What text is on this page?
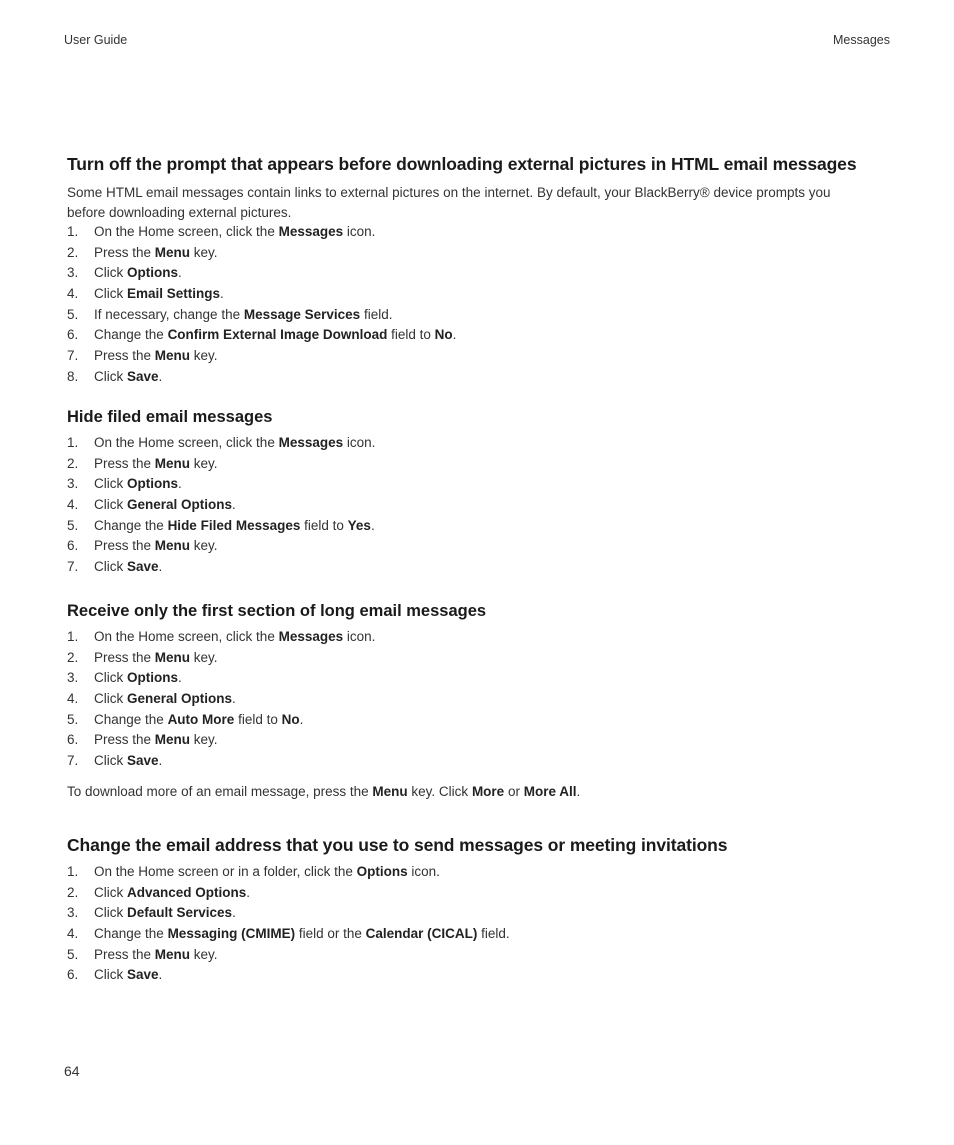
User Guide	Messages
Turn off the prompt that appears before downloading external pictures in HTML email messages

Some HTML email messages contain links to external pictures on the internet. By default, your BlackBerry® device prompts you before downloading external pictures.

1.	On the Home screen, click the Messages icon.
2.	Press the Menu key.
3.	Click Options.
4.	Click Email Settings.
5.	If necessary, change the Message Services field.
6.	Change the Confirm External Image Download field to No.
7.	Press the Menu key.
8.	Click Save.
Hide filed email messages
1.	On the Home screen, click the Messages icon.
2.	Press the Menu key.
3.	Click Options.
4.	Click General Options.
5.	Change the Hide Filed Messages field to Yes.
6.	Press the Menu key.
7.	Click Save.
Receive only the first section of long email messages
1.	On the Home screen, click the Messages icon.
2.	Press the Menu key.
3.	Click Options.
4.	Click General Options.
5.	Change the Auto More field to No.
6.	Press the Menu key.
7.	Click Save.

To download more of an email message, press the Menu key. Click More or More All.

Change the email address that you use to send messages or meeting invitations
1.	On the Home screen or in a folder, click the Options icon.
2.	Click Advanced Options.
3.	Click Default Services.
4.	Change the Messaging (CMIME) field or the Calendar (CICAL) field.
5.	Press the Menu key.
6.	Click Save.
64
